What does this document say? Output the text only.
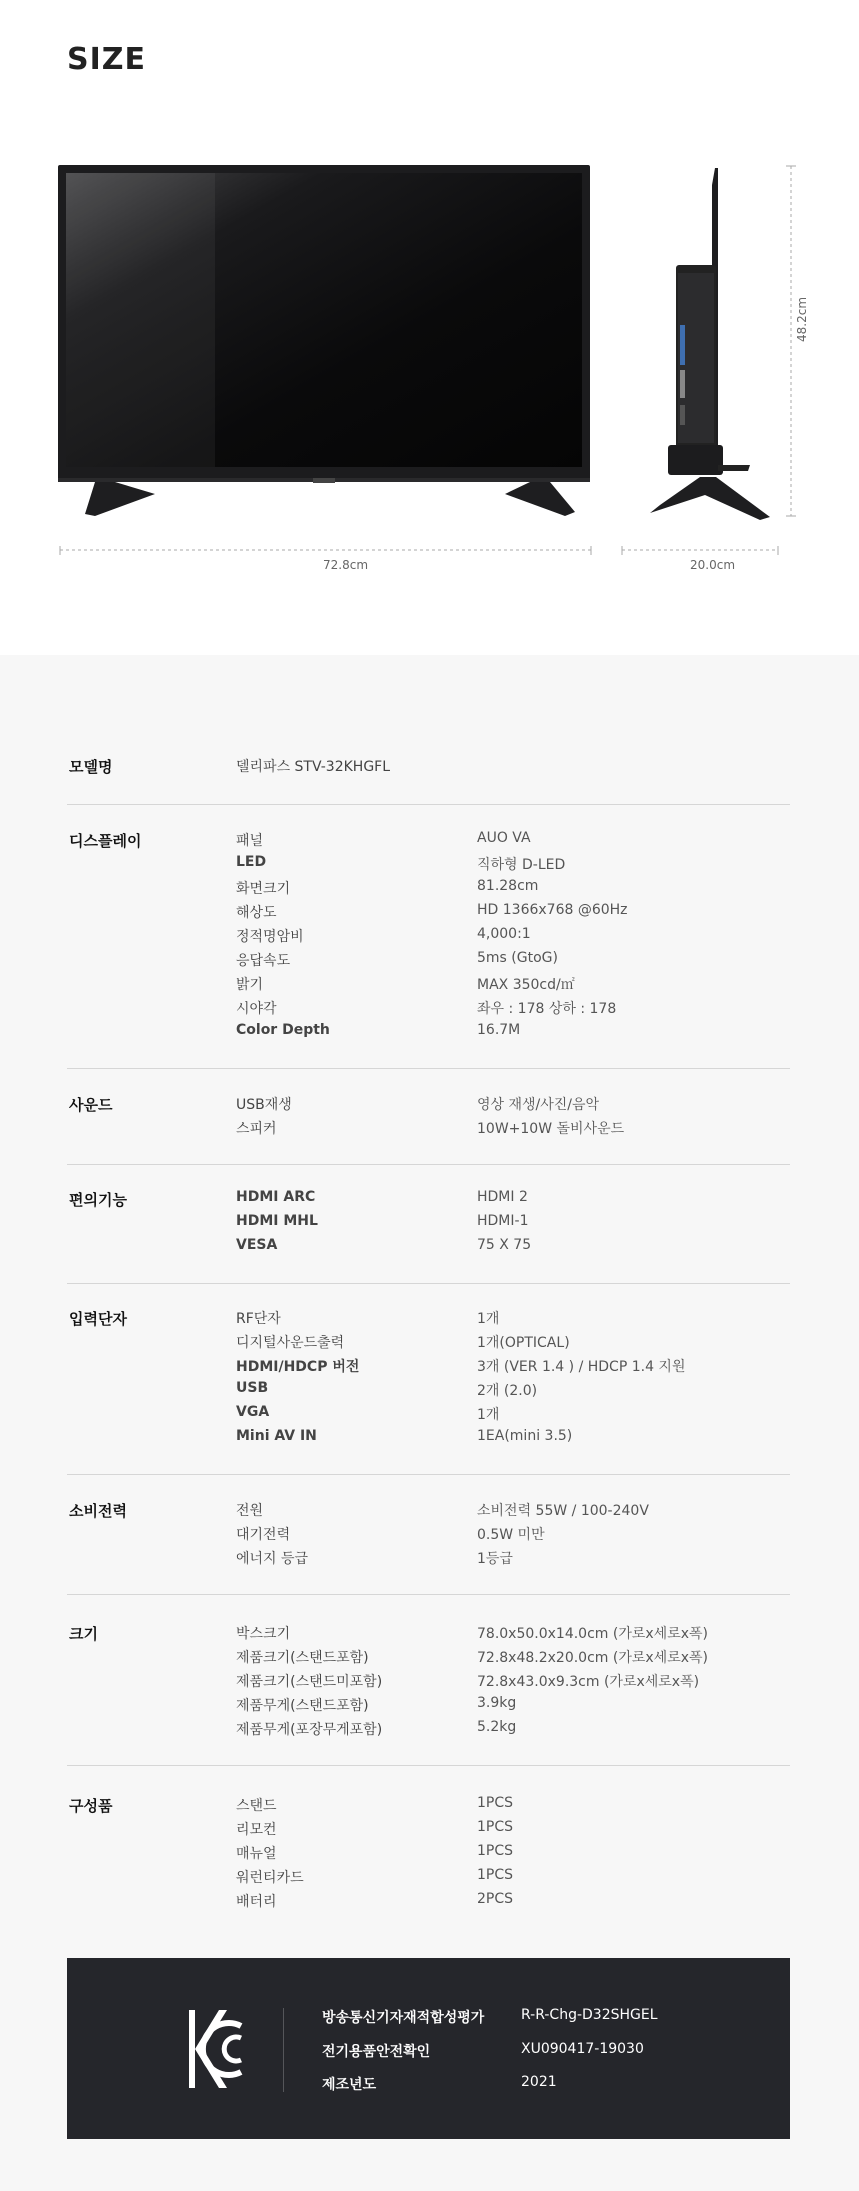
SIZE
72.8cm
48.2cm
20.0cm
모델명	델리파스 STV-32KHGFL
디스플레이	패널	AUO VA
LED	직하형 D-LED
화면크기	81.28cm
해상도	HD 1366x768 @60Hz
정적명암비	4,000:1
응답속도	5ms (GtoG)
밝기	MAX 350cd/㎡
시야각	좌우 : 178 상하 : 178
Color Depth	16.7M
사운드	USB재생	영상 재생/사진/음악
스피커	10W+10W 돌비사운드
편의기능	HDMI ARC	HDMI 2
HDMI MHL	HDMI-1
VESA	75 X 75
입력단자	RF단자	1개
디지털사운드출력	1개(OPTICAL)
HDMI/HDCP 버전	3개 (VER 1.4 ) / HDCP 1.4 지원
USB	2개 (2.0)
VGA	1개
Mini AV IN	1EA(mini 3.5)
소비전력	전원	소비전력 55W / 100-240V
대기전력	0.5W 미만
에너지 등급	1등급
크기	박스크기	78.0x50.0x14.0cm (가로x세로x폭)
제품크기(스탠드포함)	72.8x48.2x20.0cm (가로x세로x폭)
제품크기(스탠드미포함)	72.8x43.0x9.3cm (가로x세로x폭)
제품무게(스탠드포함)	3.9kg
제품무게(포장무게포함)	5.2kg
구성품	스탠드	1PCS
리모컨	1PCS
매뉴얼	1PCS
워런티카드	1PCS
배터리	2PCS
방송통신기자재적합성평가	R-R-Chg-D32SHGEL
전기용품안전확인	XU090417-19030
제조년도	2021
